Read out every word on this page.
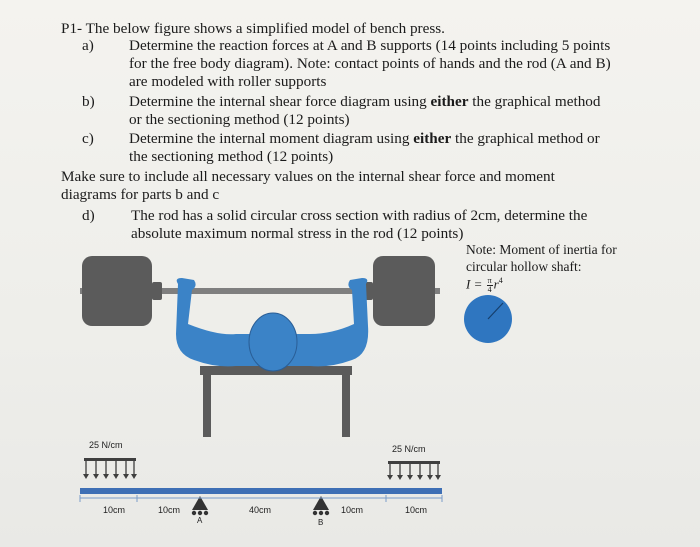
P1- The below figure shows a simplified model of bench press.
a) Determine the reaction forces at A and B supports (14 points including 5 points
for the free body diagram). Note: contact points of hands and the rod (A and B)
are modeled with roller supports
b) Determine the internal shear force diagram using either the graphical method
or the sectioning method (12 points)
c) Determine the internal moment diagram using either the graphical method or
the sectioning method (12 points)
Make sure to include all necessary values on the internal shear force and moment
diagrams for parts b and c
d) The rod has a solid circular cross section with radius of 2cm, determine the
absolute maximum normal stress in the rod (12 points)
Note: Moment of inertia for
circular hollow shaft:
$I = \frac{\pi}{4} r^4$
25 N/cm	25 N/cm
10cm	10cm	40cm	10cm	10cm
A	B
